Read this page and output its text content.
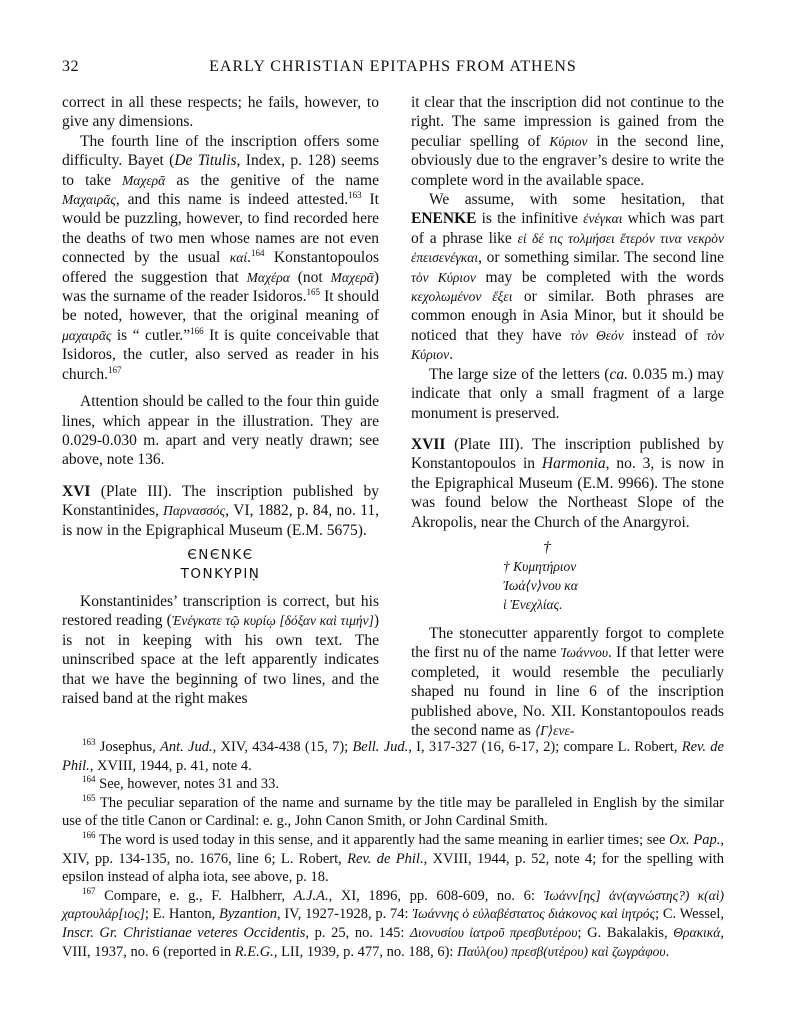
32	EARLY CHRISTIAN EPITAPHS FROM ATHENS

correct in all these respects; he fails, however, to give any dimensions.

The fourth line of the inscription offers some difficulty. Bayet (De Titulis, Index, p. 128) seems to take Μαχερᾶ as the genitive of the name Μαχαιρᾶς, and this name is indeed attested.$^{163}$ It would be puzzling, however, to find recorded here the deaths of two men whose names are not even connected by the usual καί.$^{164}$ Konstantopoulos offered the suggestion that Μαχέρα (not Μαχερᾶ) was the surname of the reader Isidoros.$^{165}$ It should be noted, however, that the original meaning of μαχαιρᾶς is “ cutler.”$^{166}$ It is quite conceivable that Isidoros, the cutler, also served as reader in his church.$^{167}$

Attention should be called to the four thin guide lines, which appear in the illustration. They are 0.029-0.030 m. apart and very neatly drawn; see above, note 136.

XVI (Plate III). The inscription published by Konstantinides, Παρνασσός, VI, 1882, p. 84, no. 11, is now in the Epigraphical Museum (E.M. 5675).

ЄNЄNKЄ
TONKYPIṆ

Konstantinides’ transcription is correct, but his restored reading (Ἐνέγκατε τῷ κυρίῳ [δόξαν καὶ τιμήν]) is not in keeping with his own text. The uninscribed space at the left apparently indicates that we have the beginning of two lines, and the raised band at the right makes

it clear that the inscription did not continue to the right. The same impression is gained from the peculiar spelling of Κύριον in the second line, obviously due to the engraver’s desire to write the complete word in the available space.

We assume, with some hesitation, that ENENKE is the infinitive ἐνέγκαι which was part of a phrase like εἰ δέ τις τολμήσει ἕτερόν τινα νεκρὸν ἐπεισενέγκαι, or something similar. The second line τὸν Κύριον may be completed with the words κεχολωμένον ἕξει or similar. Both phrases are common enough in Asia Minor, but it should be noticed that they have τὸν Θεόν instead of τὸν Κύριον.

The large size of the letters (ca. 0.035 m.) may indicate that only a small fragment of a large monument is preserved.

XVII (Plate III). The inscription published by Konstantopoulos in Harmonia, no. 3, is now in the Epigraphical Museum (E.M. 9966). The stone was found below the Northeast Slope of the Akropolis, near the Church of the Anargyroi.

†
† Κυμητήριον
Ἰωά⟨ν⟩νου κα
ὶ Ἐνεχλίας.

The stonecutter apparently forgot to complete the first nu of the name Ἰωάννου. If that letter were completed, it would resemble the peculiarly shaped nu found in line 6 of the inscription published above, No. XII. Konstantopoulos reads the second name as ⟨Γ⟩ενε-

$^{163}$ Josephus, Ant. Jud., XIV, 434-438 (15, 7); Bell. Jud., I, 317-327 (16, 6-17, 2); compare L. Robert, Rev. de Phil., XVIII, 1944, p. 41, note 4.

$^{164}$ See, however, notes 31 and 33.

$^{165}$ The peculiar separation of the name and surname by the title may be paralleled in English by the similar use of the title Canon or Cardinal: e. g., John Canon Smith, or John Cardinal Smith.

$^{166}$ The word is used today in this sense, and it apparently had the same meaning in earlier times; see Ox. Pap., XIV, pp. 134-135, no. 1676, line 6; L. Robert, Rev. de Phil., XVIII, 1944, p. 52, note 4; for the spelling with epsilon instead of alpha iota, see above, p. 18.

$^{167}$ Compare, e. g., F. Halbherr, A.J.A., XI, 1896, pp. 608-609, no. 6: Ἰωάνν[ης] ἀν(αγνώστης?) κ(αὶ) χαρτουλάρ[ιος]; E. Hanton, Byzantion, IV, 1927-1928, p. 74: Ἰωάννης ὁ εὐλαβέστατος διάκονος καὶ ἰητρός; C. Wessel, Inscr. Gr. Christianae veteres Occidentis, p. 25, no. 145: Διονυσίου ἰατροῦ πρεσβυτέρου; G. Bakalakis, Θρακικά, VIII, 1937, no. 6 (reported in R.E.G., LII, 1939, p. 477, no. 188, 6): Παύλ(ου) πρεσβ(υτέρου) καὶ ζωγράφου.
